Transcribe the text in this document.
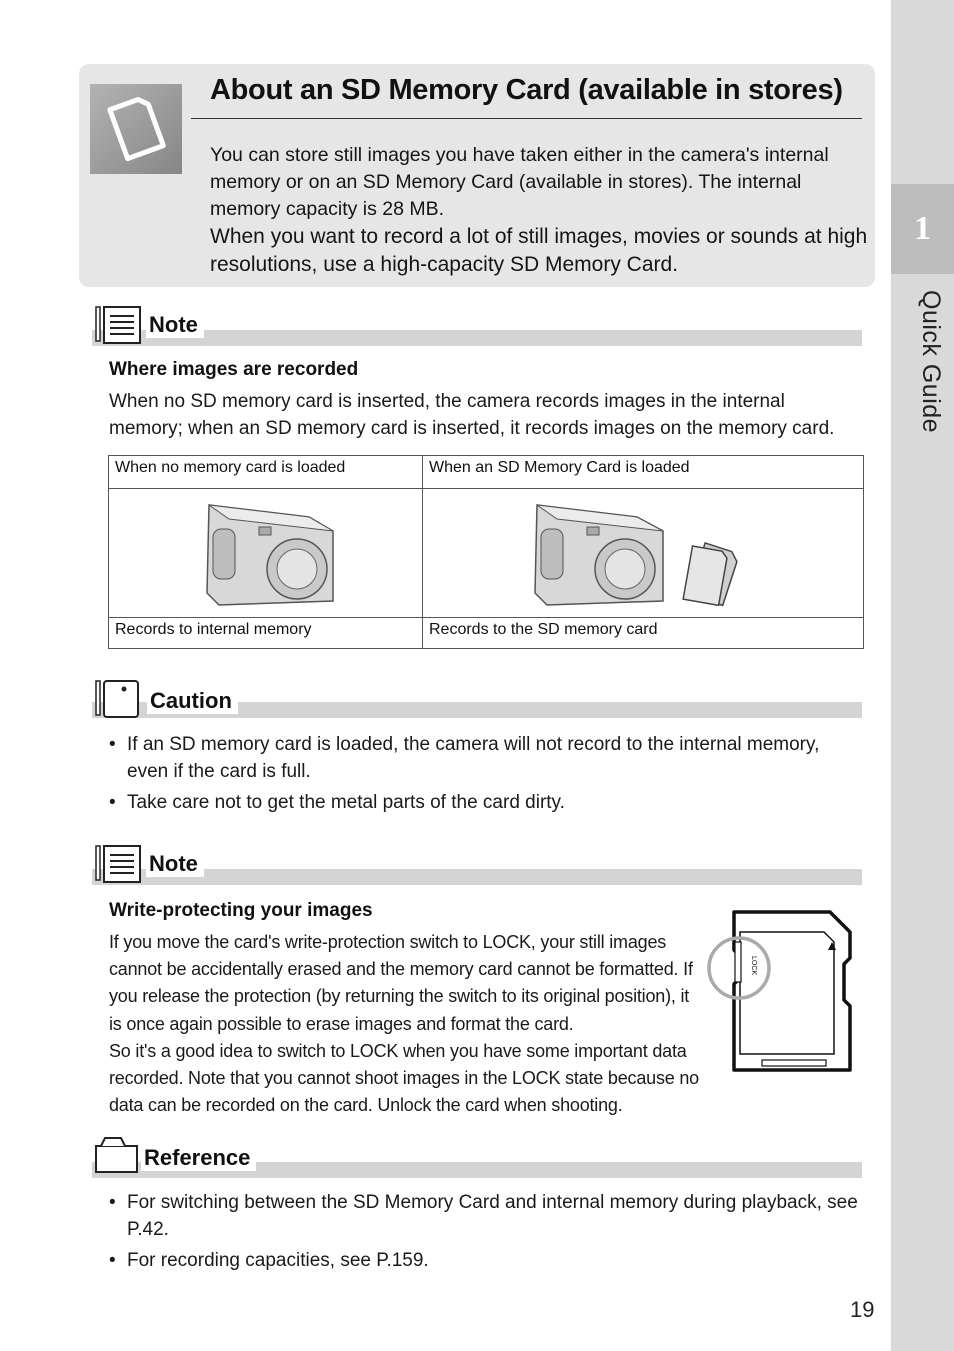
1
Quick Guide
About an SD Memory Card (available in stores)

You can store still images you have taken either in the camera's internal memory or on an SD Memory Card (available in stores). The internal memory capacity is 28 MB.

When you want to record a lot of still images, movies or sounds at high resolutions, use a high-capacity SD Memory Card.

Note
Where images are recorded
When no SD memory card is inserted, the camera records images in the internal memory; when an SD memory card is inserted, it records images on the memory card.
When no memory card is loaded	When an SD Memory Card is loaded

Records to internal memory	Records to the SD memory card
Caution
• If an SD memory card is loaded, the camera will not record to the internal memory, even if the card is full.
• Take care not to get the metal parts of the card dirty.
Note
Write-protecting your images

If you move the card's write-protection switch to LOCK, your still images cannot be accidentally erased and the memory card cannot be formatted. If you release the protection (by returning the switch to its original position), it is once again possible to erase images and format the card.

So it's a good idea to switch to LOCK when you have some important data recorded. Note that you cannot shoot images in the LOCK state because no data can be recorded on the card. Unlock the card when shooting.

LOCK
Reference
• For switching between the SD Memory Card and internal memory during playback, see P.42.
• For recording capacities, see P.159.
19
